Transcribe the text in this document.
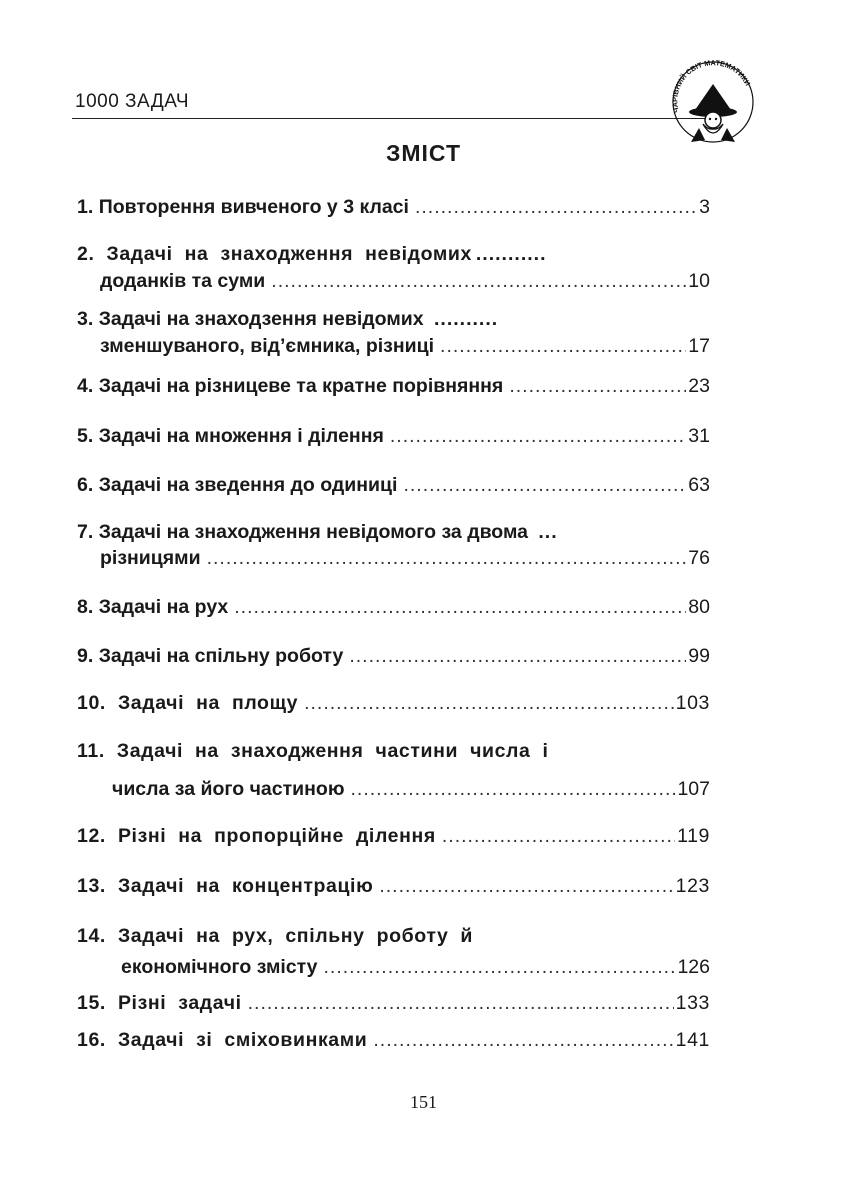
1000 ЗАДАЧ	ЧАРІВНИЙ СВІТ МАТЕМАТИКИ
ЗМІСТ
1. Повторення вивченого у 3 класі .....	3
2. Задачі на знаходження невідомих ...........
доданків та суми .....	10
3. Задачі на знаходзення невідомих ..........
зменшуваного, від’ємника, різниці .....	17
4. Задачі на різницеве та кратне порівняння .....	23
5. Задачі на множення і ділення .....	31
6. Задачі на зведення до одиниці .....	63
7. Задачі на знаходження невідомого за двома ...
різницями .....	76
8. Задачі на рух .....	80
9. Задачі на спільну роботу .....	99
10. Задачі на площу .....	103
11. Задачі на знаходження частини числа і
числа за його частиною .....	107
12. Різні на пропорційне ділення .....	119
13. Задачі на концентрацію .....	123
14. Задачі на рух, спільну роботу й
економічного змісту .....	126
15. Різні задачі .....	133
16. Задачі зі сміховинками .....	141
151
